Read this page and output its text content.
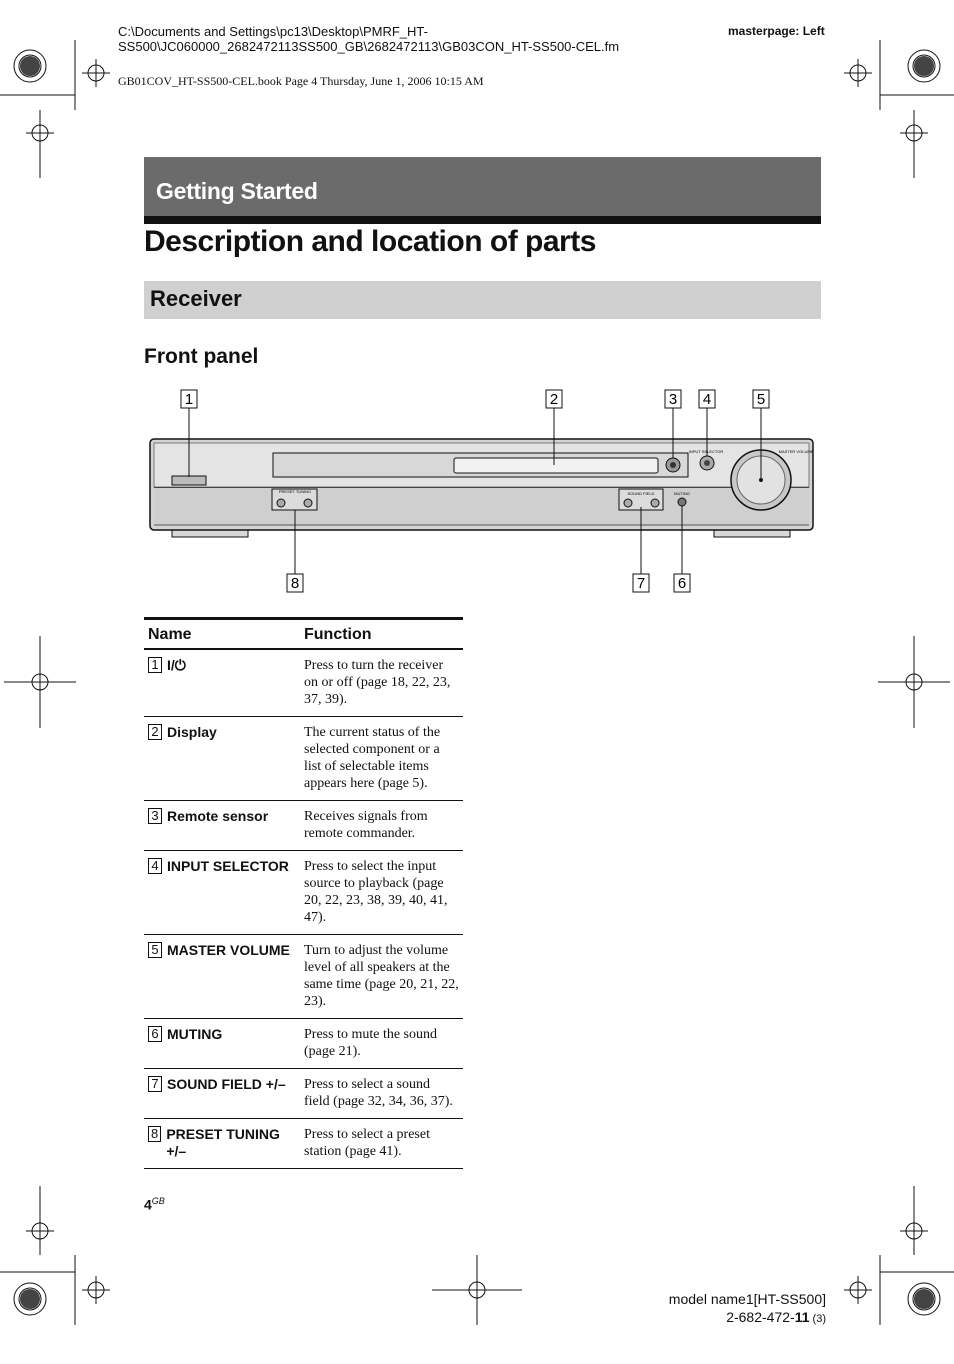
C:\Documents and Settings\pc13\Desktop\PMRF_HT-
SS500\JC060000_2682472113SS500_GB\2682472113\GB03CON_HT-SS500-CEL.fm
masterpage: Left
GB01COV_HT-SS500-CEL.book Page 4 Thursday, June 1, 2006 10:15 AM
Getting Started
Description and location of parts
Receiver
Front panel
1	2	3 4	5
6
7
8
INPUT SELECTOR	MASTER VOLUME
PRESET TUNING	SOUND FIELD	MUTING
Name	Function

1 I/⏻	Press to turn the receiver on or off (page 18, 22, 23, 37, 39).

2 Display	The current status of the selected component or a list of selectable items appears here (page 5).

3 Remote sensor	Receives signals from remote commander.

4 INPUT SELECTOR	Press to select the input source to playback (page 20, 22, 23, 38, 39, 40, 41, 47).

5 MASTER VOLUME	Turn to adjust the volume level of all speakers at the same time (page 20, 21, 22, 23).

6 MUTING	Press to mute the sound (page 21).

7 SOUND FIELD +/–	Press to select a sound field (page 32, 34, 36, 37).

8 PRESET TUNING +/–	Press to select a preset station (page 41).
$4^{GB}$
model name1[HT-SS500]
2-682-472-11 (3)
